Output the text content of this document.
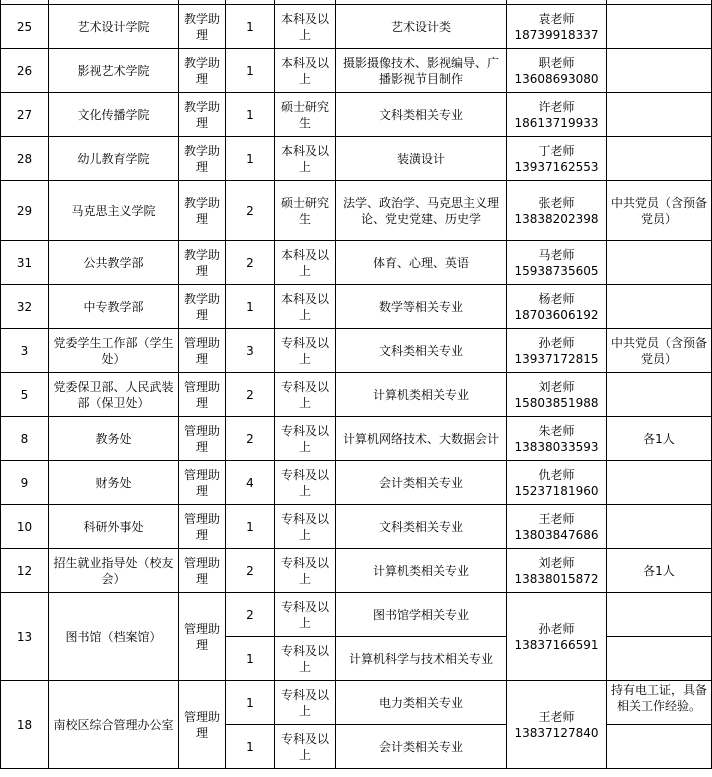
25	艺术设计学院	教学助理	1	本科及以上	艺术设计类	袁老师
18739918337	

26	影视艺术学院	教学助理	1	本科及以上	摄影摄像技术、影视编导、广播影视节目制作	职老师
13608693080	

27	文化传播学院	教学助理	1	硕士研究生	文科类相关专业	许老师
18613719933	

28	幼儿教育学院	教学助理	1	本科及以上	装潢设计	丁老师
13937162553	

29	马克思主义学院	教学助理	2	硕士研究生	法学、政治学、马克思主义理论、党史党建、历史学	张老师
13838202398	中共党员（含预备党员）
31	公共教学部	教学助理	2	本科及以上	体育、心理、英语	马老师
15938735605	

32	中专教学部	教学助理	1	本科及以上	数学等相关专业	杨老师
18703606192	

3	党委学生工作部（学生处）	管理助理	3	专科及以上	文科类相关专业	孙老师
13937172815	中共党员（含预备党员）
5	党委保卫部、人民武装部（保卫处）	管理助理	2	专科及以上	计算机类相关专业	刘老师
15803851988	

8	教务处	管理助理	2	专科及以上	计算机网络技术、大数据会计	朱老师
13838033593	各1人
9	财务处	管理助理	4	专科及以上	会计类相关专业	仇老师
15237181960	

10	科研外事处	管理助理	1	专科及以上	文科类相关专业	王老师
13803847686	

12	招生就业指导处（校友会）	管理助理	2	专科及以上	计算机类相关专业	刘老师
13838015872	各1人
13	图书馆（档案馆）	管理助理	2	专科及以上	图书馆学相关专业	孙老师
13837166591	

			1	专科及以上	计算机科学与技术相关专业		
18	南校区综合管理办公室	管理助理	1	专科及以上	电力类相关专业	王老师
13837127840	持有电工证，具备相关工作经验。
			1	专科及以上	会计类相关专业		
